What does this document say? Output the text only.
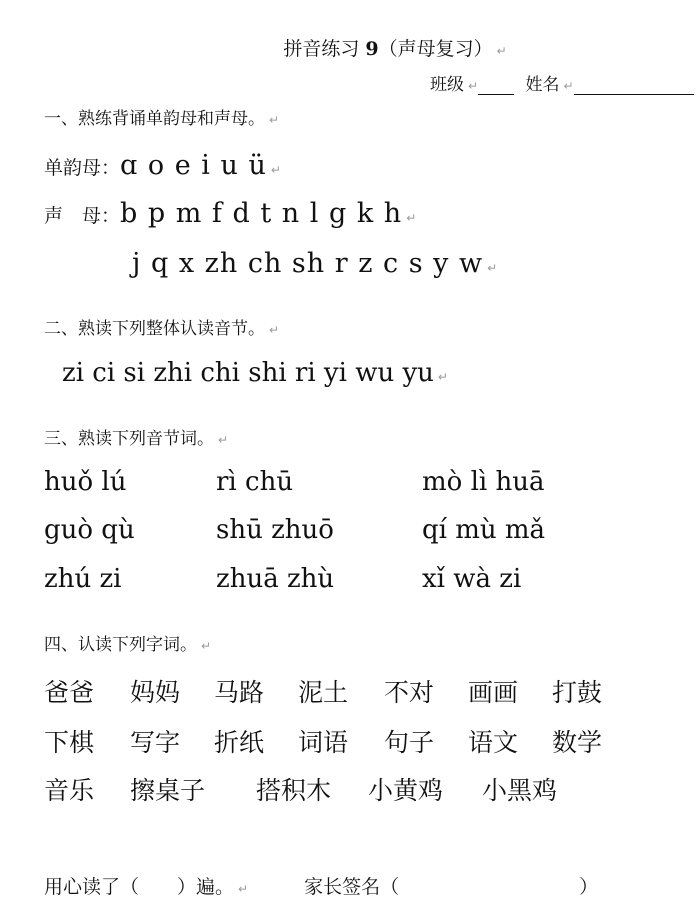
拼音练习 9（声母复习） ↵
班级 ↵	姓名 ↵
一、熟练背诵单韵母和声母。 ↵
单韵母：ɑ o e i u ü ↵
声　母：b p m f d t n l g k h ↵
j q x zh ch sh r z c s y w ↵
二、熟读下列整体认读音节。 ↵
zi ci si zhi chi shi ri yi wu yu ↵
三、熟读下列音节词。 ↵
huǒ lú	rì chū	mò lì huā
guò qù	shū zhuō	qí mù mǎ
zhú zi	zhuā zhù	xǐ wà zi
四、认读下列字词。 ↵
爸爸 妈妈 马路 泥土 不对 画画 打鼓
下棋 写字 折纸 词语 句子 语文 数学
音乐 擦桌子 搭积木 小黄鸡 小黑鸡
用心读了（　　）遍。 ↵	家长签名（	）
